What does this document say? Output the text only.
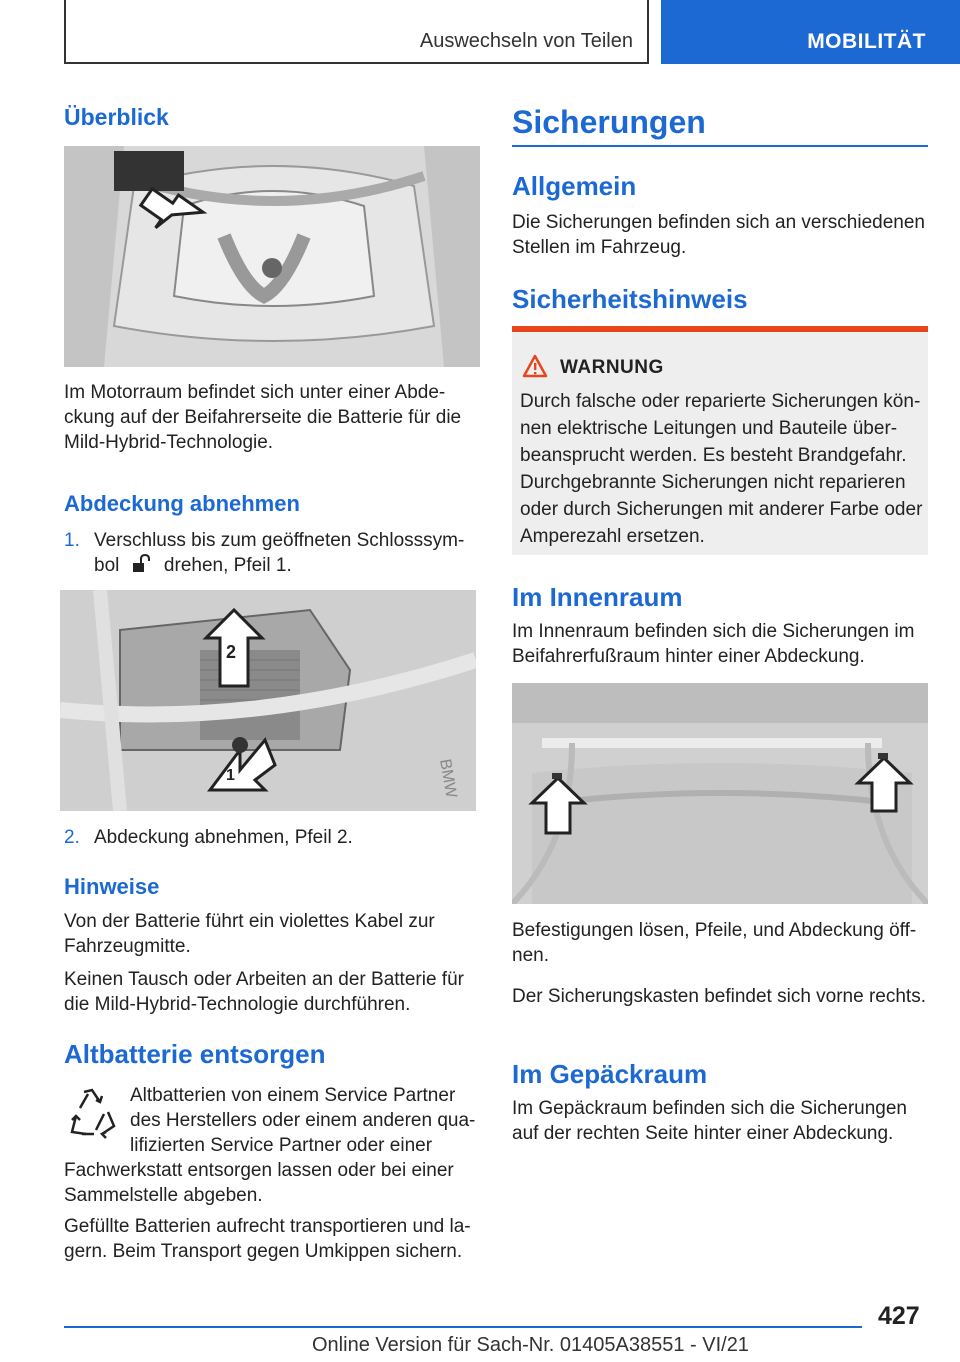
Auswechseln von Teilen	MOBILITÄT
Überblick

Im Motorraum befindet sich unter einer Abde-ckung auf der Beifahrerseite die Batterie für die Mild-Hybrid-Technologie.

Abdeckung abnehmen
1. Verschluss bis zum geöffneten Schlosssym-
bol drehen, Pfeil 1.
2
1	BMW
2. Abdeckung abnehmen, Pfeil 2.
Hinweise

Von der Batterie führt ein violettes Kabel zur Fahrzeugmitte.

Keinen Tausch oder Arbeiten an der Batterie für die Mild-Hybrid-Technologie durchführen.

Altbatterie entsorgen

Altbatterien von einem Service Partner des Herstellers oder einem anderen qua-lifizierten Service Partner oder einer

Fachwerkstatt entsorgen lassen oder bei einer Sammelstelle abgeben.

Gefüllte Batterien aufrecht transportieren und la-gern. Beim Transport gegen Umkippen sichern.

Sicherungen
Allgemein

Die Sicherungen befinden sich an verschiedenen Stellen im Fahrzeug.

Sicherheitshinweis
WARNUNG
Durch falsche oder reparierte Sicherungen kön-nen elektrische Leitungen und Bauteile über-beansprucht werden. Es besteht Brandgefahr. Durchgebrannte Sicherungen nicht reparieren oder durch Sicherungen mit anderer Farbe oder Amperezahl ersetzen.
Im Innenraum

Im Innenraum befinden sich die Sicherungen im Beifahrerfußraum hinter einer Abdeckung.

Befestigungen lösen, Pfeile, und Abdeckung öff-nen.

Der Sicherungskasten befindet sich vorne rechts.

Im Gepäckraum

Im Gepäckraum befinden sich die Sicherungen auf der rechten Seite hinter einer Abdeckung.

427
Online Version für Sach-Nr. 01405A38551 - VI/21
